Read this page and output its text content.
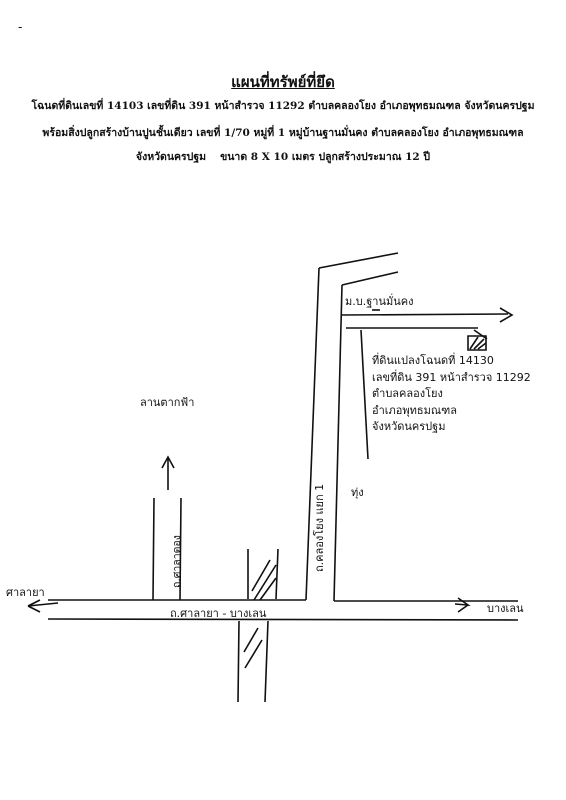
แผนที่ทรัพย์ที่ยึด
โฉนดที่ดินเลขที่ 14103 เลขที่ดิน 391 หน้าสำรวจ 11292 ตำบลคลองโยง อำเภอพุทธมณฑล จังหวัดนครปฐม
พร้อมสิ่งปลูกสร้างบ้านปูนชั้นเดียว เลขที่ 1/70 หมู่ที่ 1 หมู่บ้านฐานมั่นคง ตำบลคลองโยง อำเภอพุทธมณฑล
จังหวัดนครปฐม ขนาด 8 X 10 เมตร ปลูกสร้างประมาณ 12 ปี
-
ม.บ.ฐานมั่นคง
ลานตากฟ้า
ถ.คลองโยง แยก 1
ถ.ศาลาดอง
ถ.ศาลายา - บางเลน
ศาลายา
บางเลน
ทุ่ง
ที่ดินแปลงโฉนดที่ 14130
เลขที่ดิน 391 หน้าสำรวจ 11292
ตำบลคลองโยง
อำเภอพุทธมณฑล
จังหวัดนครปฐม
